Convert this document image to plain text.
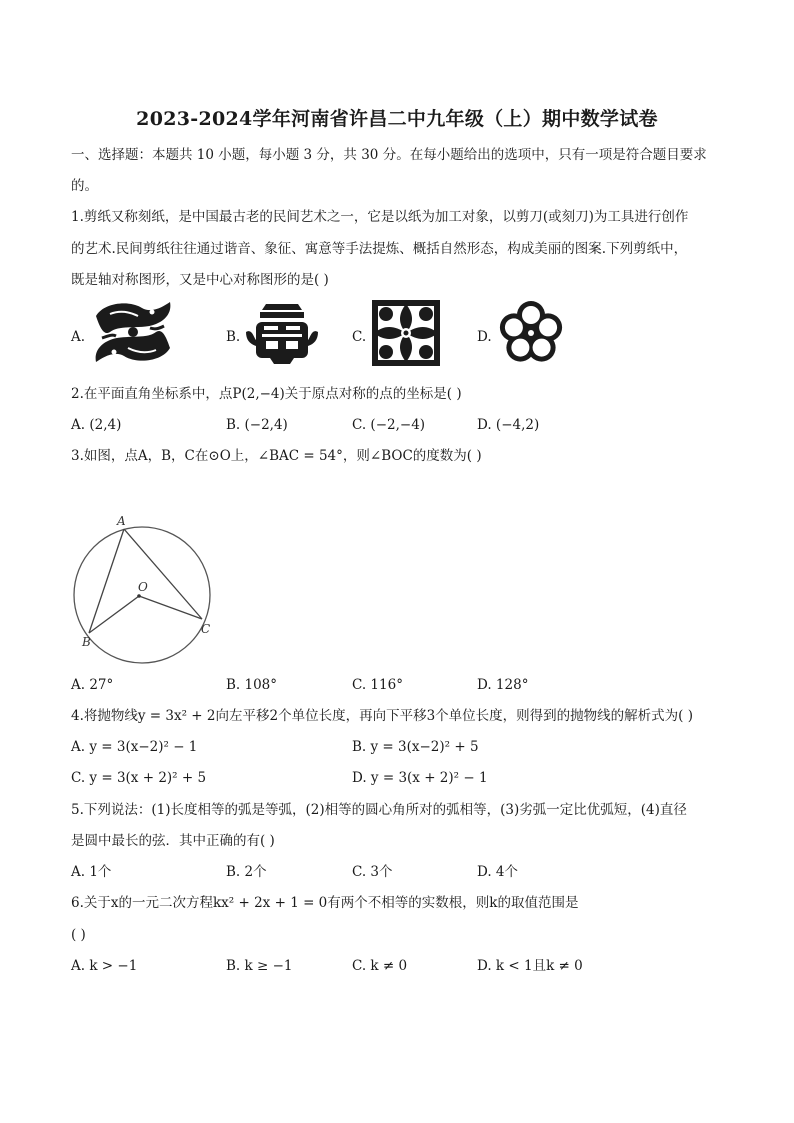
2023-2024学年河南省许昌二中九年级（上）期中数学试卷
一、选择题：本题共 10 小题，每小题 3 分，共 30 分。在每小题给出的选项中，只有一项是符合题目要求
的。
1.剪纸又称刻纸，是中国最古老的民间艺术之一，它是以纸为加工对象，以剪刀(或刻刀)为工具进行创作
的艺术.民间剪纸往往通过谐音、象征、寓意等手法提炼、概括自然形态，构成美丽的图案.下列剪纸中，
既是轴对称图形，又是中心对称图形的是( )
A.	B.	C.	D.
2.在平面直角坐标系中，点P(2,−4)关于原点对称的点的坐标是( )
A. (2,4)	B. (−2,4)	C. (−2,−4)	D. (−4,2)
3.如图，点A，B，C在⊙O上，∠BAC = 54°，则∠BOC的度数为( )
A
O
B
C
A. 27°	B. 108°	C. 116°	D. 128°
4.将抛物线y = 3x² + 2向左平移2个单位长度，再向下平移3个单位长度，则得到的抛物线的解析式为( )
A. y = 3(x−2)² − 1	B. y = 3(x−2)² + 5
C. y = 3(x + 2)² + 5	D. y = 3(x + 2)² − 1
5.下列说法：(1)长度相等的弧是等弧，(2)相等的圆心角所对的弧相等，(3)劣弧一定比优弧短，(4)直径
是圆中最长的弦．其中正确的有( )
A. 1个	B. 2个	C. 3个	D. 4个
6.关于x的一元二次方程kx² + 2x + 1 = 0有两个不相等的实数根，则k的取值范围是
( )
A. k > −1	B. k ≥ −1	C. k ≠ 0	D. k < 1且k ≠ 0
